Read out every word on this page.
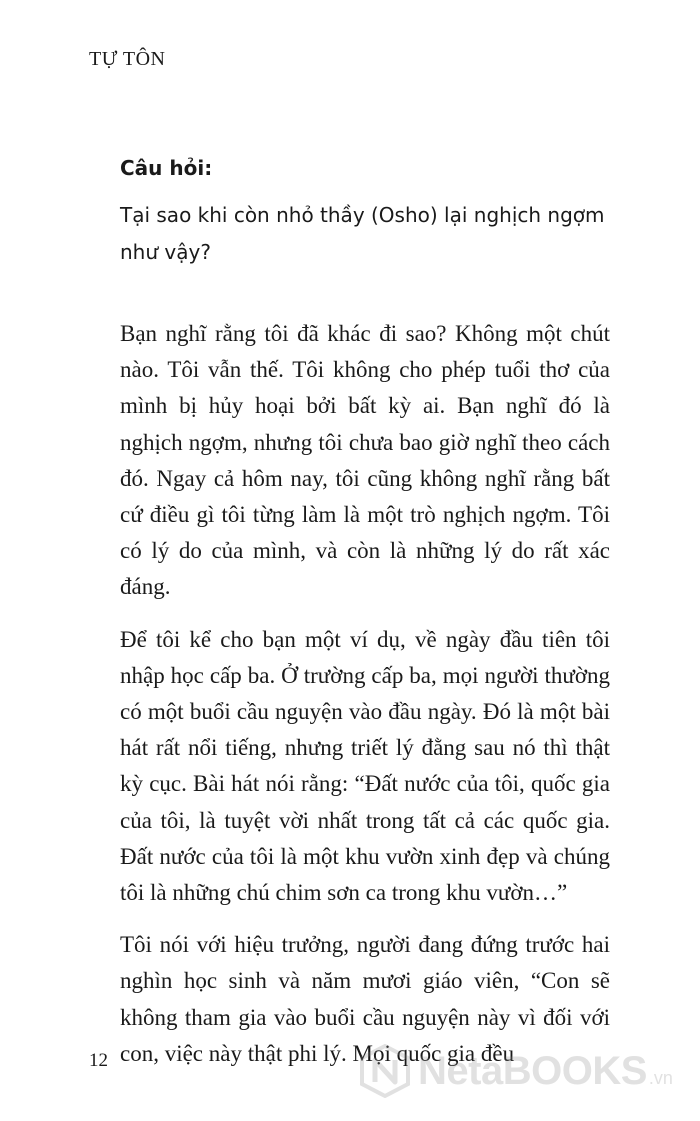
TỰ TÔN

Câu hỏi:

Tại sao khi còn nhỏ thầy (Osho) lại nghịch ngợm như vậy?

Bạn nghĩ rằng tôi đã khác đi sao? Không một chút nào. Tôi vẫn thế. Tôi không cho phép tuổi thơ của mình bị hủy hoại bởi bất kỳ ai. Bạn nghĩ đó là nghịch ngợm, nhưng tôi chưa bao giờ nghĩ theo cách đó. Ngay cả hôm nay, tôi cũng không nghĩ rằng bất cứ điều gì tôi từng làm là một trò nghịch ngợm. Tôi có lý do của mình, và còn là những lý do rất xác đáng.

Để tôi kể cho bạn một ví dụ, về ngày đầu tiên tôi nhập học cấp ba. Ở trường cấp ba, mọi người thường có một buổi cầu nguyện vào đầu ngày. Đó là một bài hát rất nổi tiếng, nhưng triết lý đằng sau nó thì thật kỳ cục. Bài hát nói rằng: “Đất nước của tôi, quốc gia của tôi, là tuyệt vời nhất trong tất cả các quốc gia. Đất nước của tôi là một khu vườn xinh đẹp và chúng tôi là những chú chim sơn ca trong khu vườn…”

Tôi nói với hiệu trưởng, người đang đứng trước hai nghìn học sinh và năm mươi giáo viên, “Con sẽ không tham gia vào buổi cầu nguyện này vì đối với con, việc này thật phi lý. Mọi quốc gia đều

12	NetaBOOKS .vn
